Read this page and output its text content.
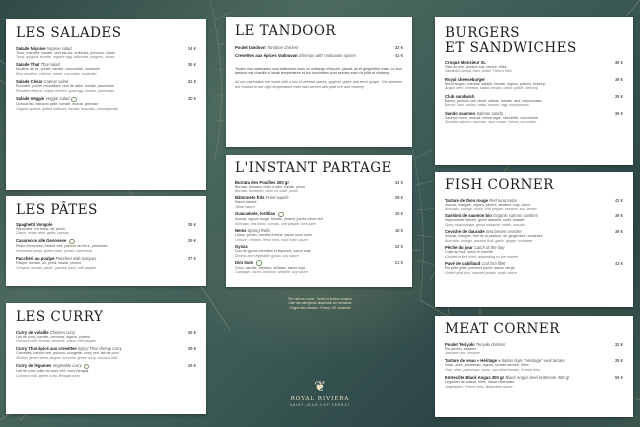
LES SALADES
Salade Niçoise Niçoise salad	34 €
Thon, roquette, tomate, œuf bio dur, artichaut, poivrons, olives
Tuna, arugula, tomato, organic egg, artichoke, peppers, olives
Salade Thaï Thai salad	36 €
Nouilles de riz, poulet, carotte, concombre, coriandre
Rice noodles, chicken, carrot, cucumber, coriander
Salade César Caesar salad	32 €
Romaine, poulet croustillant, œuf de caille, tomate, parmesan
Romaine lettuce, crispy chicken, quail egg, tomato, parmesan
Salade Veggie Veggie salad	30 €
Quinoa bio, halloumi grillé, tomate, avocat, grenade
Organic quinoa, grilled halloumi, tomato, avocado, pomegranate
LES PÂTES
Spaghetti Vongole	35 €
Palourdes, vin blanc, ail, persil
Clams, white wine, garlic, parsley
Casarecce alle Genovese	29 €
Pesto Genovese, haricot vert, pomme de terre, parmesan
Genovese pesto, green bean, potato, parmesan
Paccheri au poulpe Paccheri with octopus	37 €
Poulpe, tomate, ail, persil, basilic, piment
Octopus, tomato, garlic, parsley, basil, chili pepper
LES CURRY
Curry de volaille Chicken curry	36 €
Lait de coco, tomate, curcuma, oignon, piment
Coconut milk, tomato, turmeric, onion, chili pepper
Curry Thaï épicé aux crevettes Spicy Thai shrimp curry	39 €
Crevettes, haricot vert, poivron, courgette, curry vert, lait de coco
Shrimp, green bean, pepper, zucchini, green curry, coconut milk
Curry de légumes Vegetable curry	29 €
Lait de coco, pâte de curry vert, curry Bengali
Coconut milk, green curry, Bengali curry
LE TANDOOR
Poulet tandoori Tandoori chicken	32 €
Crevettes aux épices Vadouvan Shrimps with Vadouvan spices	41 €
Toutes nos marinades sont élaborées avec un mélange d'épices, yaourt, ail et gingembre frais. Le four tandoor est chauffé à haute température et les brochettes sont servies avec riz pilaf et chutney.
All our marinades are made with a mix of oriental spices, yoghurt, garlic and fresh ginger. The skewers are cooked in our high temperature oven and served with pilaf rice and chutney.
L'INSTANT PARTAGE
Burrata des Pouilles 300 gr	34 €
Burrata, tomates, huile d'olive, basilic, pesto
Burrata, tomatoes, olive oil, basil, pesto
Bâtonnets frits Fried squids	29 €
Sauce tartare
Tartar sauce
Guacamole, tortillas	16 €
Avocat, oignon rouge, tomate, piment, jus de citron vert
Avocado, red onion, tomato, chili pepper, lime juice
Nems Spring Rolls	18 €
Laitue, poulet, menthe fraîche, sauce nuoc mam
Lettuce, chicken, fresh mint, nuoc mam sauce
Gyoza	22 €
Duo de gyoza crevettes et légumes, sauce soja
Shrimp and vegetable gyoza, soy sauce
Dim Sum	21 €
Chou, carotte, bambou, shiitake, sauce soja
Cabbage, carrot, bamboo, shiitake, soy sauce
Prix nets en euros · Taxes et service compris
Liste des allergènes disponible sur demande
Origine des viandes : France, UE, Australie
❦
ROYAL RIVIERA
SAINT-JEAN-CAP-FERRAT
BURGERS
ET SANDWICHES
Croque Monsieur XL	35 €
Pain de mie, jambon cuit, beurre, frites
Sandwich bread, ham, butter, French fries
Royal cheeseburger	39 €
Bœuf Angus, cheddar, salade, tomate, oignon, pickles, ketchup
Angus beef, cheddar, salad, tomato, onion, pickle, ketchup
Club sandwich	35 €
Bacon, jambon cuit, dinde, salade, tomate, œuf, mayonnaise
Bacon, ham, turkey, salad, tomato, egg, mayonnaise
Sando saumon Salmon sando	39 €
Saumon fumé, avocat, crème aigre, ciboulette, concombre
Smoked salmon, avocado, sour cream, chives, cucumber
FISH CORNER
Tartare de thon rouge Red tuna tartar	42 €
Avocat, mangue, oignon, piment, sésame, soja, citron
Avocado, mango, onion, chili pepper, sesame, soy, lemon
Sashimi de saumon bio Organic salmon sashimi	39 €
Mayonnaise épicée, gomo wakamé, radis, wasabi
Spicy mayonnaise, goma wakame, radish, wasabi
Ceviche de daurade Sea bream ceviche	39 €
Avocat, mangue, fruit de la passion, ail, gingembre, coriandre
Avocado, mango, passion fruit, garlic, ginger, coriander
Pêche du jour Catch of the day
Cuite au four, selon le marché
Cooked in the oven, depending on the market
Pavé de cabillaud Cod fish fillet	43 €
Riz pilaf grillé, pommes purée, sauce vierge
Grilled pilaf rice, mashed potato, virgin sauce
MEAT CORNER
Poulet Teriyaki Teriyaki chicken	32 €
Riz jasmin, sésame
Jasmine rice, sesame
Tartare de veau « Héritage » Italian style "Heritage" veal tartare	39 €
Veau, olive, parmesan, oignon, tomate séchée, frites
Veal, olive, parmesan, onion, sun-dried tomato, French fries
Entrecôte Black Angus 300 gr Black Angus beef entrecote 300 gr	59 €
Légumes de saison, frites, sauce béarnaise
Vegetables, French fries, Béarnaise sauce
